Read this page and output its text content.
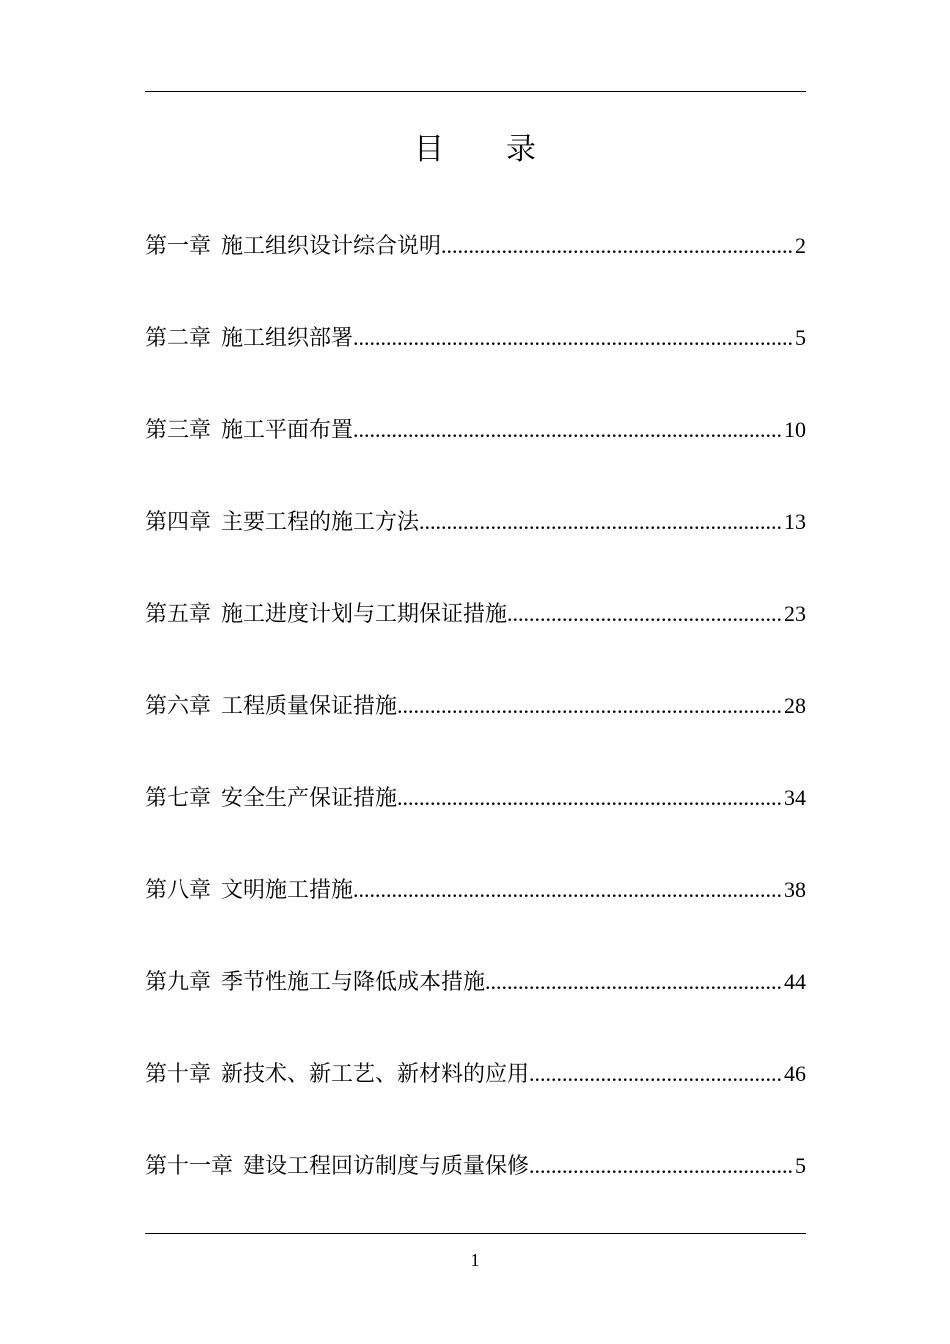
目录
第一章 施工组织设计综合说明 .....	2
第二章 施工组织部署 .....	5
第三章 施工平面布置 .....	10
第四章 主要工程的施工方法 .....	13
第五章 施工进度计划与工期保证措施 .....	23
第六章 工程质量保证措施 .....	28
第七章 安全生产保证措施 .....	34
第八章 文明施工措施 .....	38
第九章 季节性施工与降低成本措施 .....	44
第十章 新技术、新工艺、新材料的应用 .....	46
第十一章 建设工程回访制度与质量保修 .....	5
1
